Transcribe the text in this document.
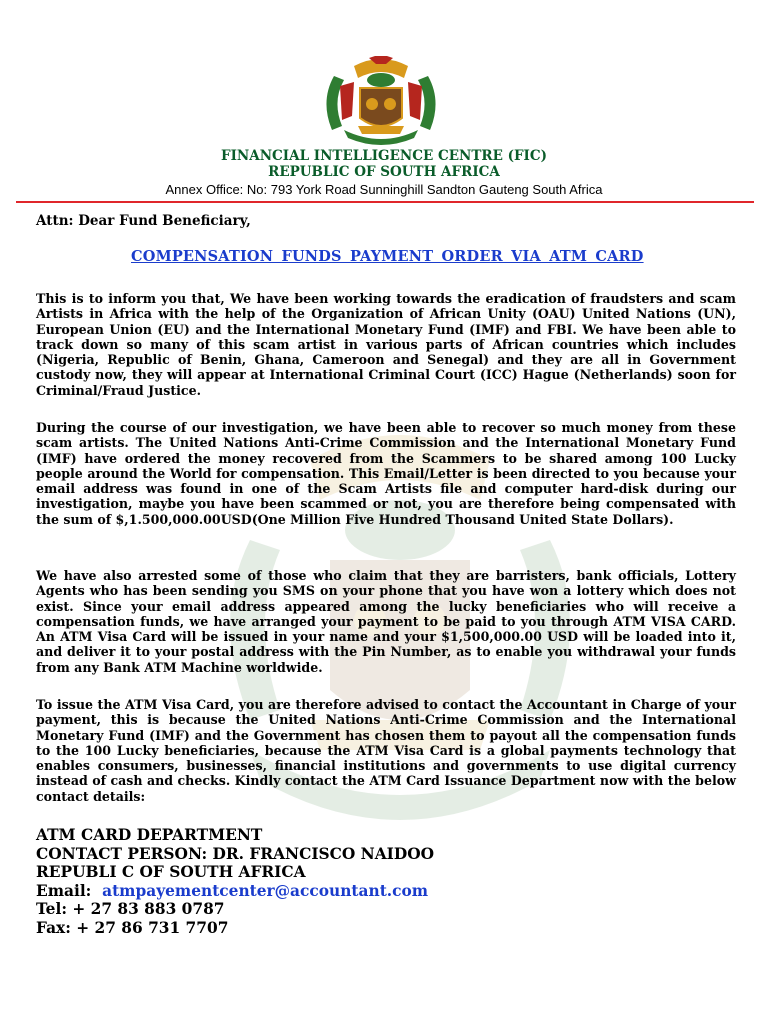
FINANCIAL INTELLIGENCE CENTRE (FIC)
REPUBLIC OF SOUTH AFRICA
Annex Office: No: 793 York Road Sunninghill Sandton Gauteng South Africa
Attn: Dear Fund Beneficiary,
COMPENSATION FUNDS PAYMENT ORDER VIA ATM CARD

This is to inform you that, We have been working towards the eradication of fraudsters and scam Artists in Africa with the help of the Organization of African Unity (OAU) United Nations (UN), European Union (EU) and the International Monetary Fund (IMF) and FBI. We have been able to track down so many of this scam artist in various parts of African countries which includes (Nigeria, Republic of Benin, Ghana, Cameroon and Senegal) and they are all in Government custody now, they will appear at International Criminal Court (ICC) Hague (Netherlands) soon for Criminal/Fraud Justice.

During the course of our investigation, we have been able to recover so much money from these scam artists. The United Nations Anti-Crime Commission and the International Monetary Fund (IMF) have ordered the money recovered from the Scammers to be shared among 100 Lucky people around the World for compensation. This Email/Letter is been directed to you because your email address was found in one of the Scam Artists file and computer hard-disk during our investigation, maybe you have been scammed or not, you are therefore being compensated with the sum of $,1.500,000.00USD(One Million Five Hundred Thousand United State Dollars).

We have also arrested some of those who claim that they are barristers, bank officials, Lottery Agents who has been sending you SMS on your phone that you have won a lottery which does not exist. Since your email address appeared among the lucky beneficiaries who will receive a compensation funds, we have arranged your payment to be paid to you through ATM VISA CARD. An ATM Visa Card will be issued in your name and your $1,500,000.00 USD will be loaded into it, and deliver it to your postal address with the Pin Number, as to enable you withdrawal your funds from any Bank ATM Machine worldwide.

To issue the ATM Visa Card, you are therefore advised to contact the Accountant in Charge of your payment, this is because the United Nations Anti-Crime Commission and the International Monetary Fund (IMF) and the Government has chosen them to payout all the compensation funds to the 100 Lucky beneficiaries, because the ATM Visa Card is a global payments technology that enables consumers, businesses, financial institutions and governments to use digital currency instead of cash and checks. Kindly contact the ATM Card Issuance Department now with the below contact details:

ATM CARD DEPARTMENT
CONTACT PERSON: DR. FRANCISCO NAIDOO
REPUBLI C OF SOUTH AFRICA
Email: atmpayementcenter@accountant.com
Tel: + 27 83 883 0787
Fax: + 27 86 731 7707
